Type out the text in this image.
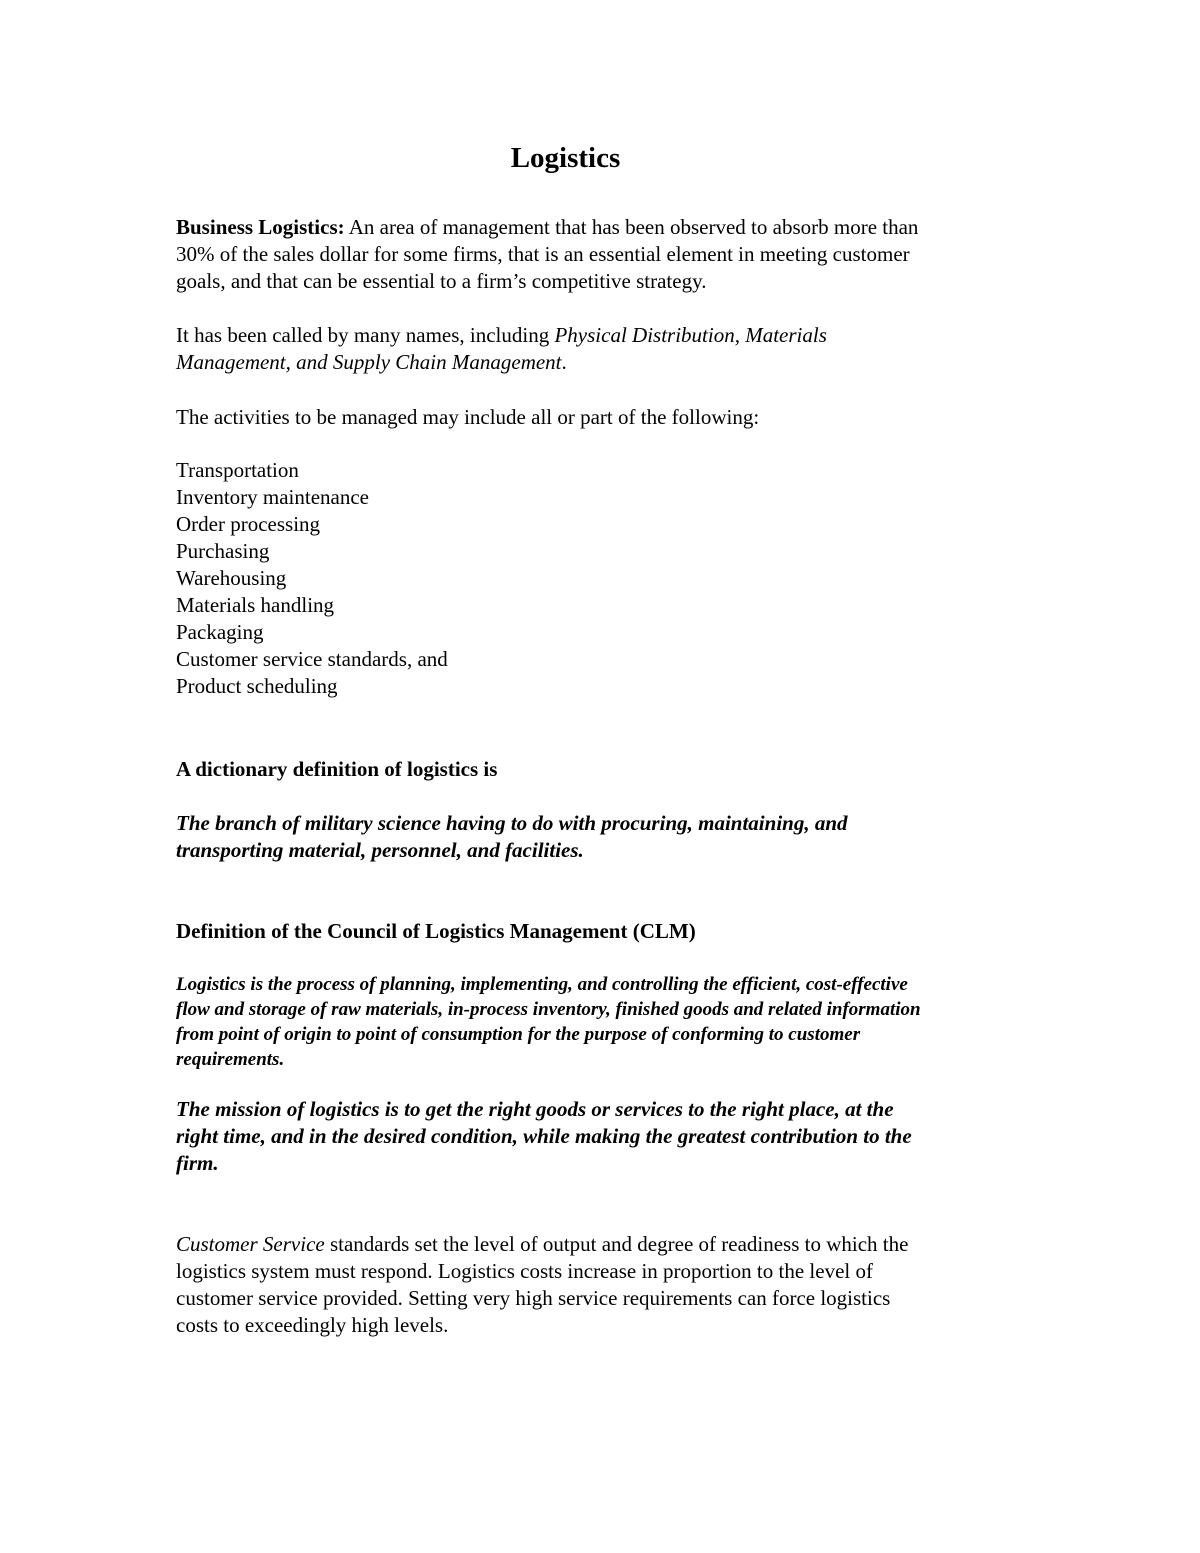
Logistics

Business Logistics: An area of management that has been observed to absorb more than
30% of the sales dollar for some firms, that is an essential element in meeting customer
goals, and that can be essential to a firm’s competitive strategy.

It has been called by many names, including Physical Distribution, Materials
Management, and Supply Chain Management.

The activities to be managed may include all or part of the following:

Transportation
Inventory maintenance
Order processing
Purchasing
Warehousing
Materials handling
Packaging
Customer service standards, and
Product scheduling

A dictionary definition of logistics is

The branch of military science having to do with procuring, maintaining, and
transporting material, personnel, and facilities.

Definition of the Council of Logistics Management (CLM)

Logistics is the process of planning, implementing, and controlling the efficient, cost-effective
flow and storage of raw materials, in-process inventory, finished goods and related information
from point of origin to point of consumption for the purpose of conforming to customer
requirements.

The mission of logistics is to get the right goods or services to the right place, at the
right time, and in the desired condition, while making the greatest contribution to the
firm.

Customer Service standards set the level of output and degree of readiness to which the
logistics system must respond. Logistics costs increase in proportion to the level of
customer service provided. Setting very high service requirements can force logistics
costs to exceedingly high levels.
